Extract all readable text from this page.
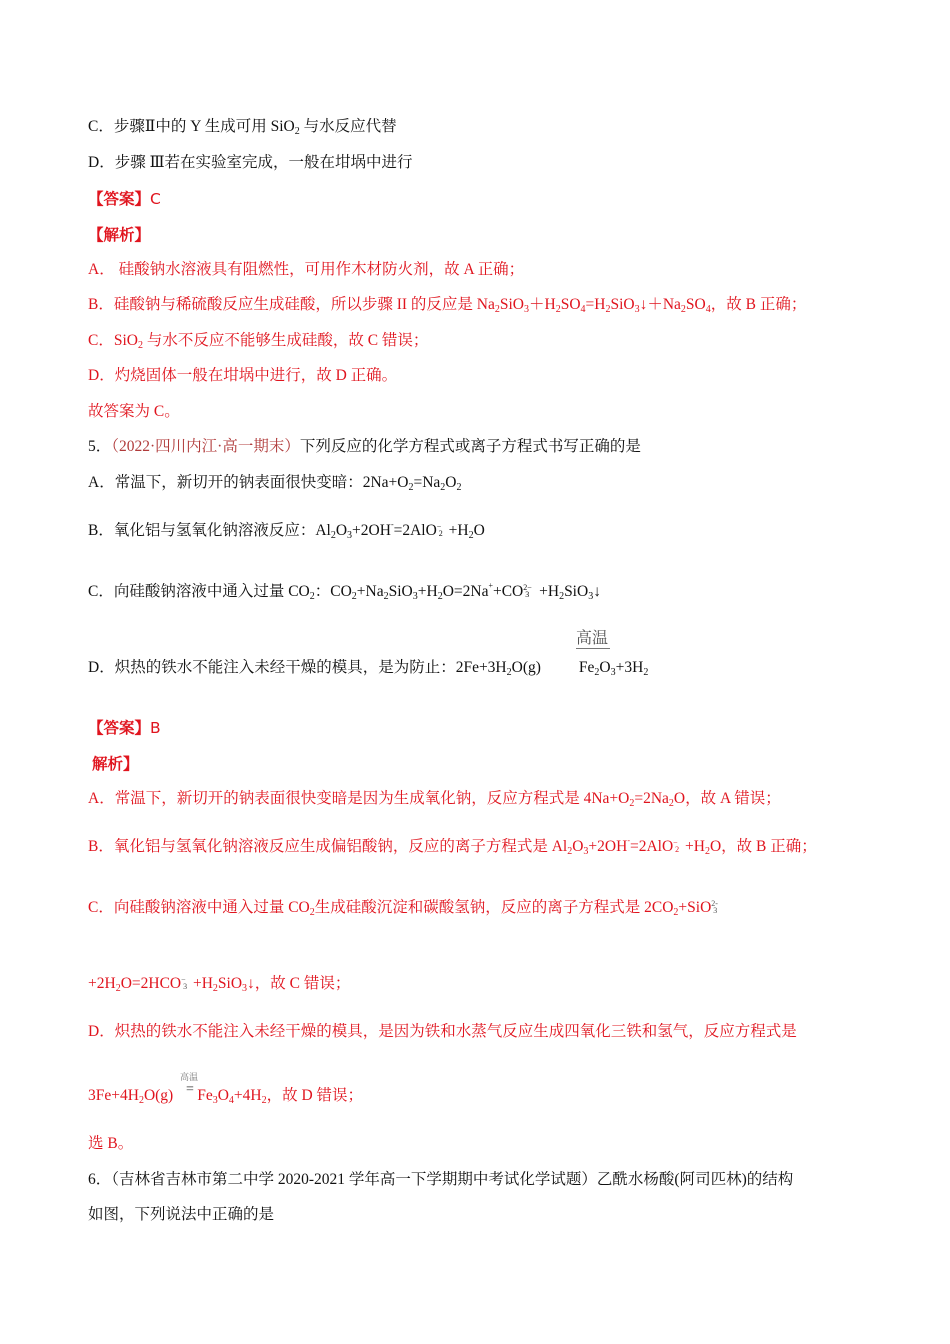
C．步骤Ⅱ中的 Y 生成可用 SiO$_2$ 与水反应代替
D．步骤 Ⅲ若在实验室完成，一般在坩埚中进行
【答案】C
【解析】
A． 硅酸钠水溶液具有阻燃性，可用作木材防火剂，故 A 正确；
B．硅酸钠与稀硫酸反应生成硅酸，所以步骤 II 的反应是 $Na_2SiO_3+H_2SO_4=H_2SiO_3↓+Na_2SO_4$，故 B 正确；
C．SiO$_2$ 与水不反应不能够生成硅酸，故 C 错误；
D．灼烧固体一般在坩埚中进行，故 D 正确。
故答案为 C。
5．（2022·四川内江·高一期末）下列反应的化学方程式或离子方程式书写正确的是
A．常温下，新切开的钠表面很快变暗：$2Na+O_2=Na_2O_2$
B．氧化铝与氢氧化钠溶液反应：$Al_2O_3+2OH^-=2AlO$ −
$2 +H_2O$
C．向硅酸钠溶液中通入过量 $CO_2$：$CO_2+Na_2SiO_3+H_2O=2Na^++CO$ 2−
$3 +H_2SiO_3↓$
高温
D．炽热的铁水不能注入未经干燥的模具，是为防止：$2Fe+3H_2O(g)$ $Fe_2O_3+3H_2$
【答案】B
解析】
A．常温下，新切开的钠表面很快变暗是因为生成氧化钠，反应方程式是 $4Na+O_2=2Na_2O$，故 A 错误；
B．氧化铝与氢氧化钠溶液反应生成偏铝酸钠，反应的离子方程式是 $Al_2O_3+2OH^-=2AlO$ −
$2 +H_2O$，故 B 正确；
C．向硅酸钠溶液中通入过量 $CO_2$生成硅酸沉淀和碳酸氢钠，反应的离子方程式是 $2CO_2+SiO$ 2-
3
$+2H_2O=2HCO$ −
$3 +H_2SiO_3↓$，故 C 错误；
D．炽热的铁水不能注入未经干燥的模具，是因为铁和水蒸气反应生成四氧化三铁和氢气，反应方程式是
高温
=
$3Fe+4H_2O(g)$ $Fe_3O_4+4H_2$，故 D 错误；
选 B。
6．（吉林省吉林市第二中学 2020-2021 学年高一下学期期中考试化学试题）乙酰水杨酸(阿司匹林)的结构
如图，下列说法中正确的是
